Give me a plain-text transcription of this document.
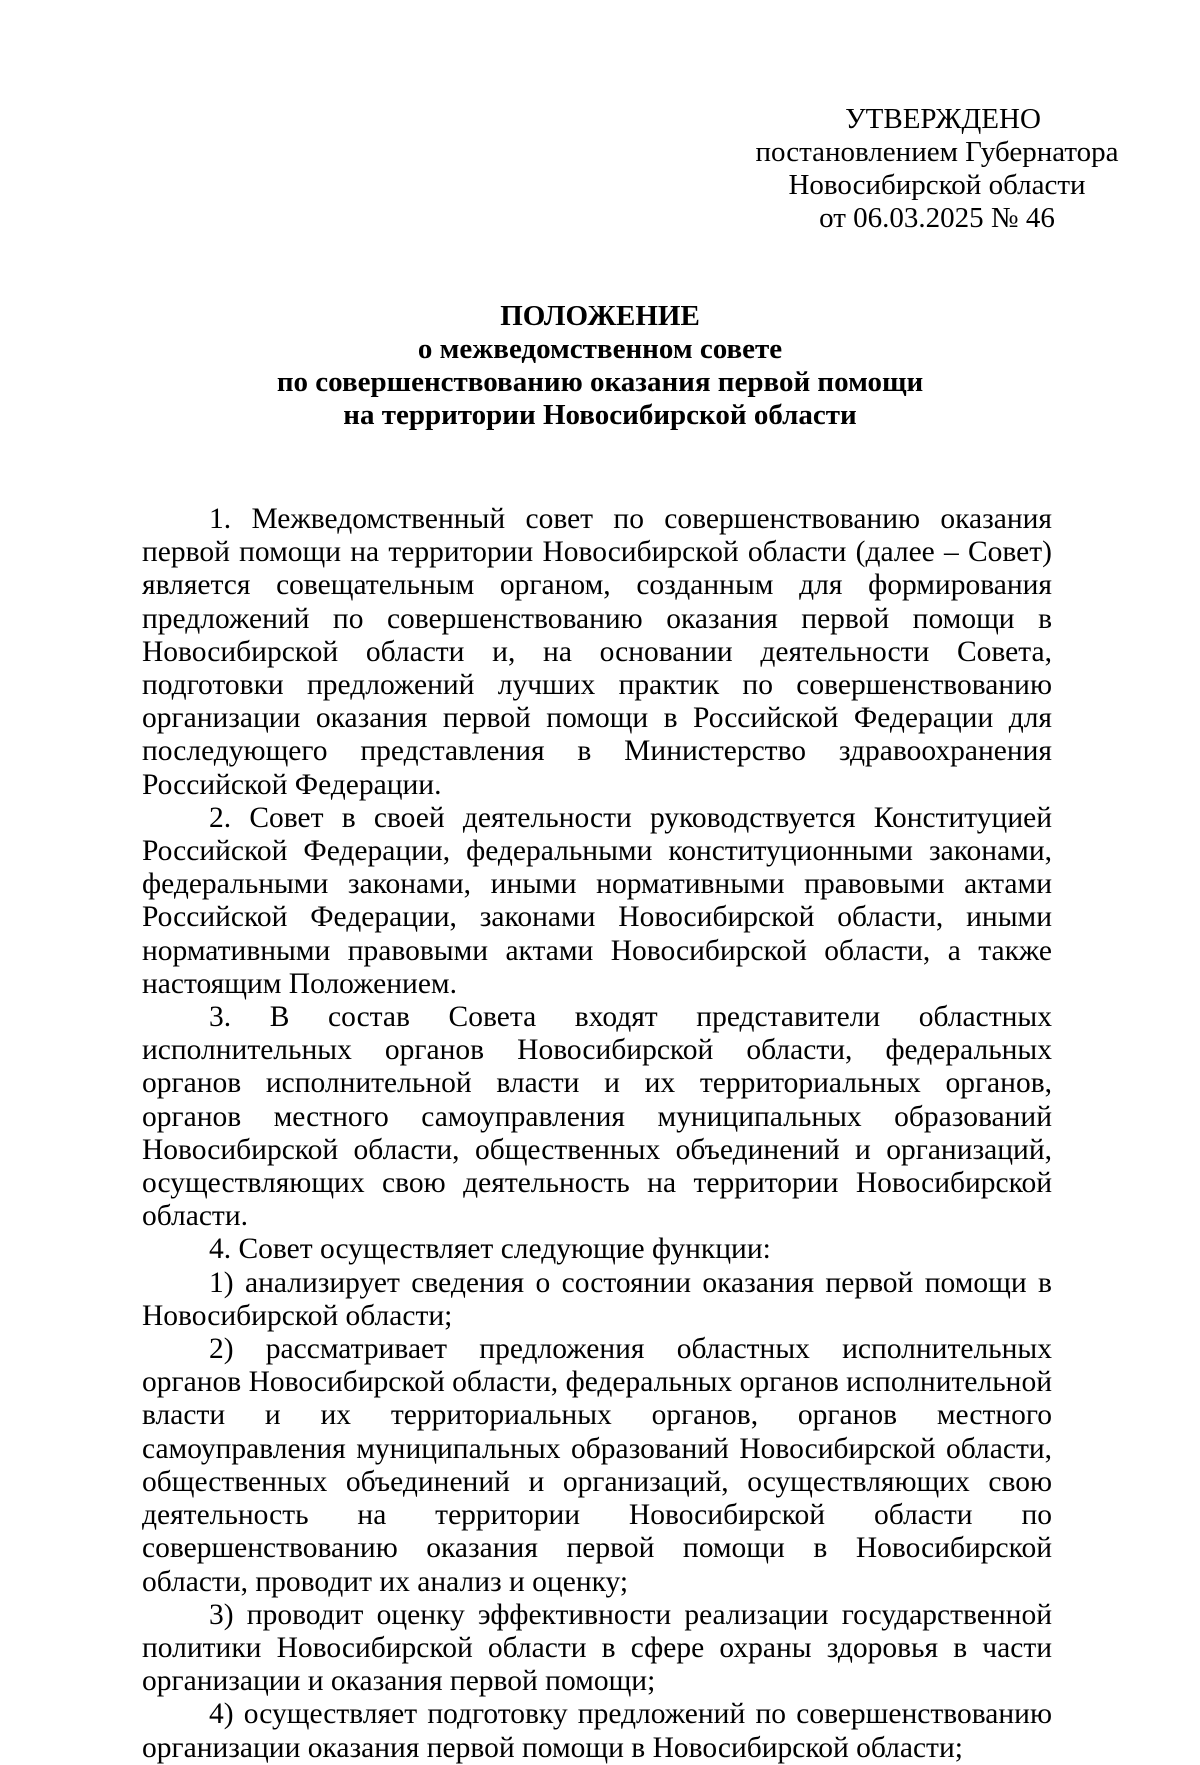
УТВЕРЖДЕНО
постановлением Губернатора
Новосибирской области
от 06.03.2025 № 46
ПОЛОЖЕНИЕ
о межведомственном совете
по совершенствованию оказания первой помощи
на территории Новосибирской области

1. Межведомственный совет по совершенствованию оказания первой помощи на территории Новосибирской области (далее – Совет) является совещательным органом, созданным для формирования предложений по совершенствованию оказания первой помощи в Новосибирской области и, на основании деятельности Совета, подготовки предложений лучших практик по совершенствованию организации оказания первой помощи в Российской Федерации для последующего представления в Министерство здравоохранения Российской Федерации.

2. Совет в своей деятельности руководствуется Конституцией Российской Федерации, федеральными конституционными законами, федеральными законами, иными нормативными правовыми актами Российской Федерации, законами Новосибирской области, иными нормативными правовыми актами Новосибирской области, а также настоящим Положением.

3. В состав Совета входят представители областных исполнительных органов Новосибирской области, федеральных органов исполнительной власти и их территориальных органов, органов местного самоуправления муниципальных образований Новосибирской области, общественных объединений и организаций, осуществляющих свою деятельность на территории Новосибирской области.

4. Совет осуществляет следующие функции:

1) анализирует сведения о состоянии оказания первой помощи в Новосибирской области;

2) рассматривает предложения областных исполнительных органов Новосибирской области, федеральных органов исполнительной власти и их территориальных органов, органов местного самоуправления муниципальных образований Новосибирской области, общественных объединений и организаций, осуществляющих свою деятельность на территории Новосибирской области по совершенствованию оказания первой помощи в Новосибирской области, проводит их анализ и оценку;

3) проводит оценку эффективности реализации государственной политики Новосибирской области в сфере охраны здоровья в части организации и оказания первой помощи;

4) осуществляет подготовку предложений по совершенствованию организации оказания первой помощи в Новосибирской области;
